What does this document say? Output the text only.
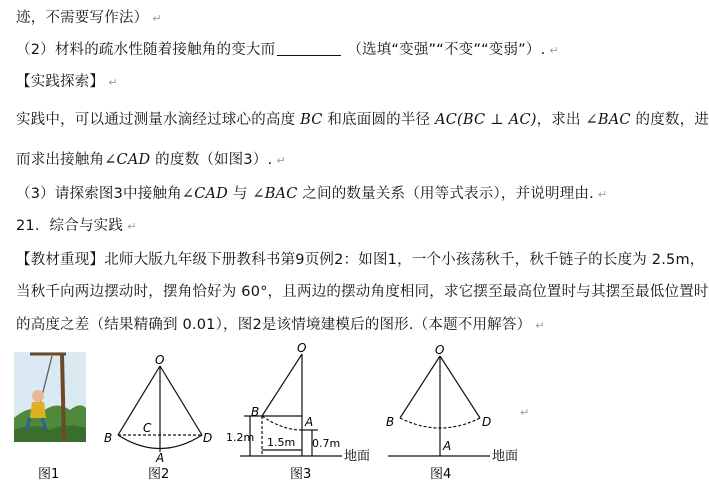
迹，不需要写作法） ↵
（2）材料的疏水性随着接触角的变大而	（选填“变强”“不变”“变弱”）. ↵
【实践探索】 ↵
实践中，可以通过测量水滴经过球心的高度 BC 和底面圆的半径 AC(BC ⊥ AC)，求出 ∠BAC 的度数，进
而求出接触角∠CAD 的度数（如图3）. ↵
（3）请探索图3中接触角∠CAD 与 ∠BAC 之间的数量关系（用等式表示），并说明理由. ↵
21．综合与实践 ↵
【教材重现】北师大版九年级下册教科书第9页例2：如图1，一个小孩荡秋千，秋千链子的长度为 2.5m，
当秋千向两边摆动时，摆角恰好为 60°，且两边的摆动角度相同，求它摆至最高位置时与其摆至最低位置时
的高度之差（结果精确到 0.01），图2是该情境建模后的图形.（本题不用解答） ↵
图1
O
B
C
D
A
图2
O
B
A
1.2m 1.5m 0.7m
地面
图3
O
B	D
A
地面
图4
↵
